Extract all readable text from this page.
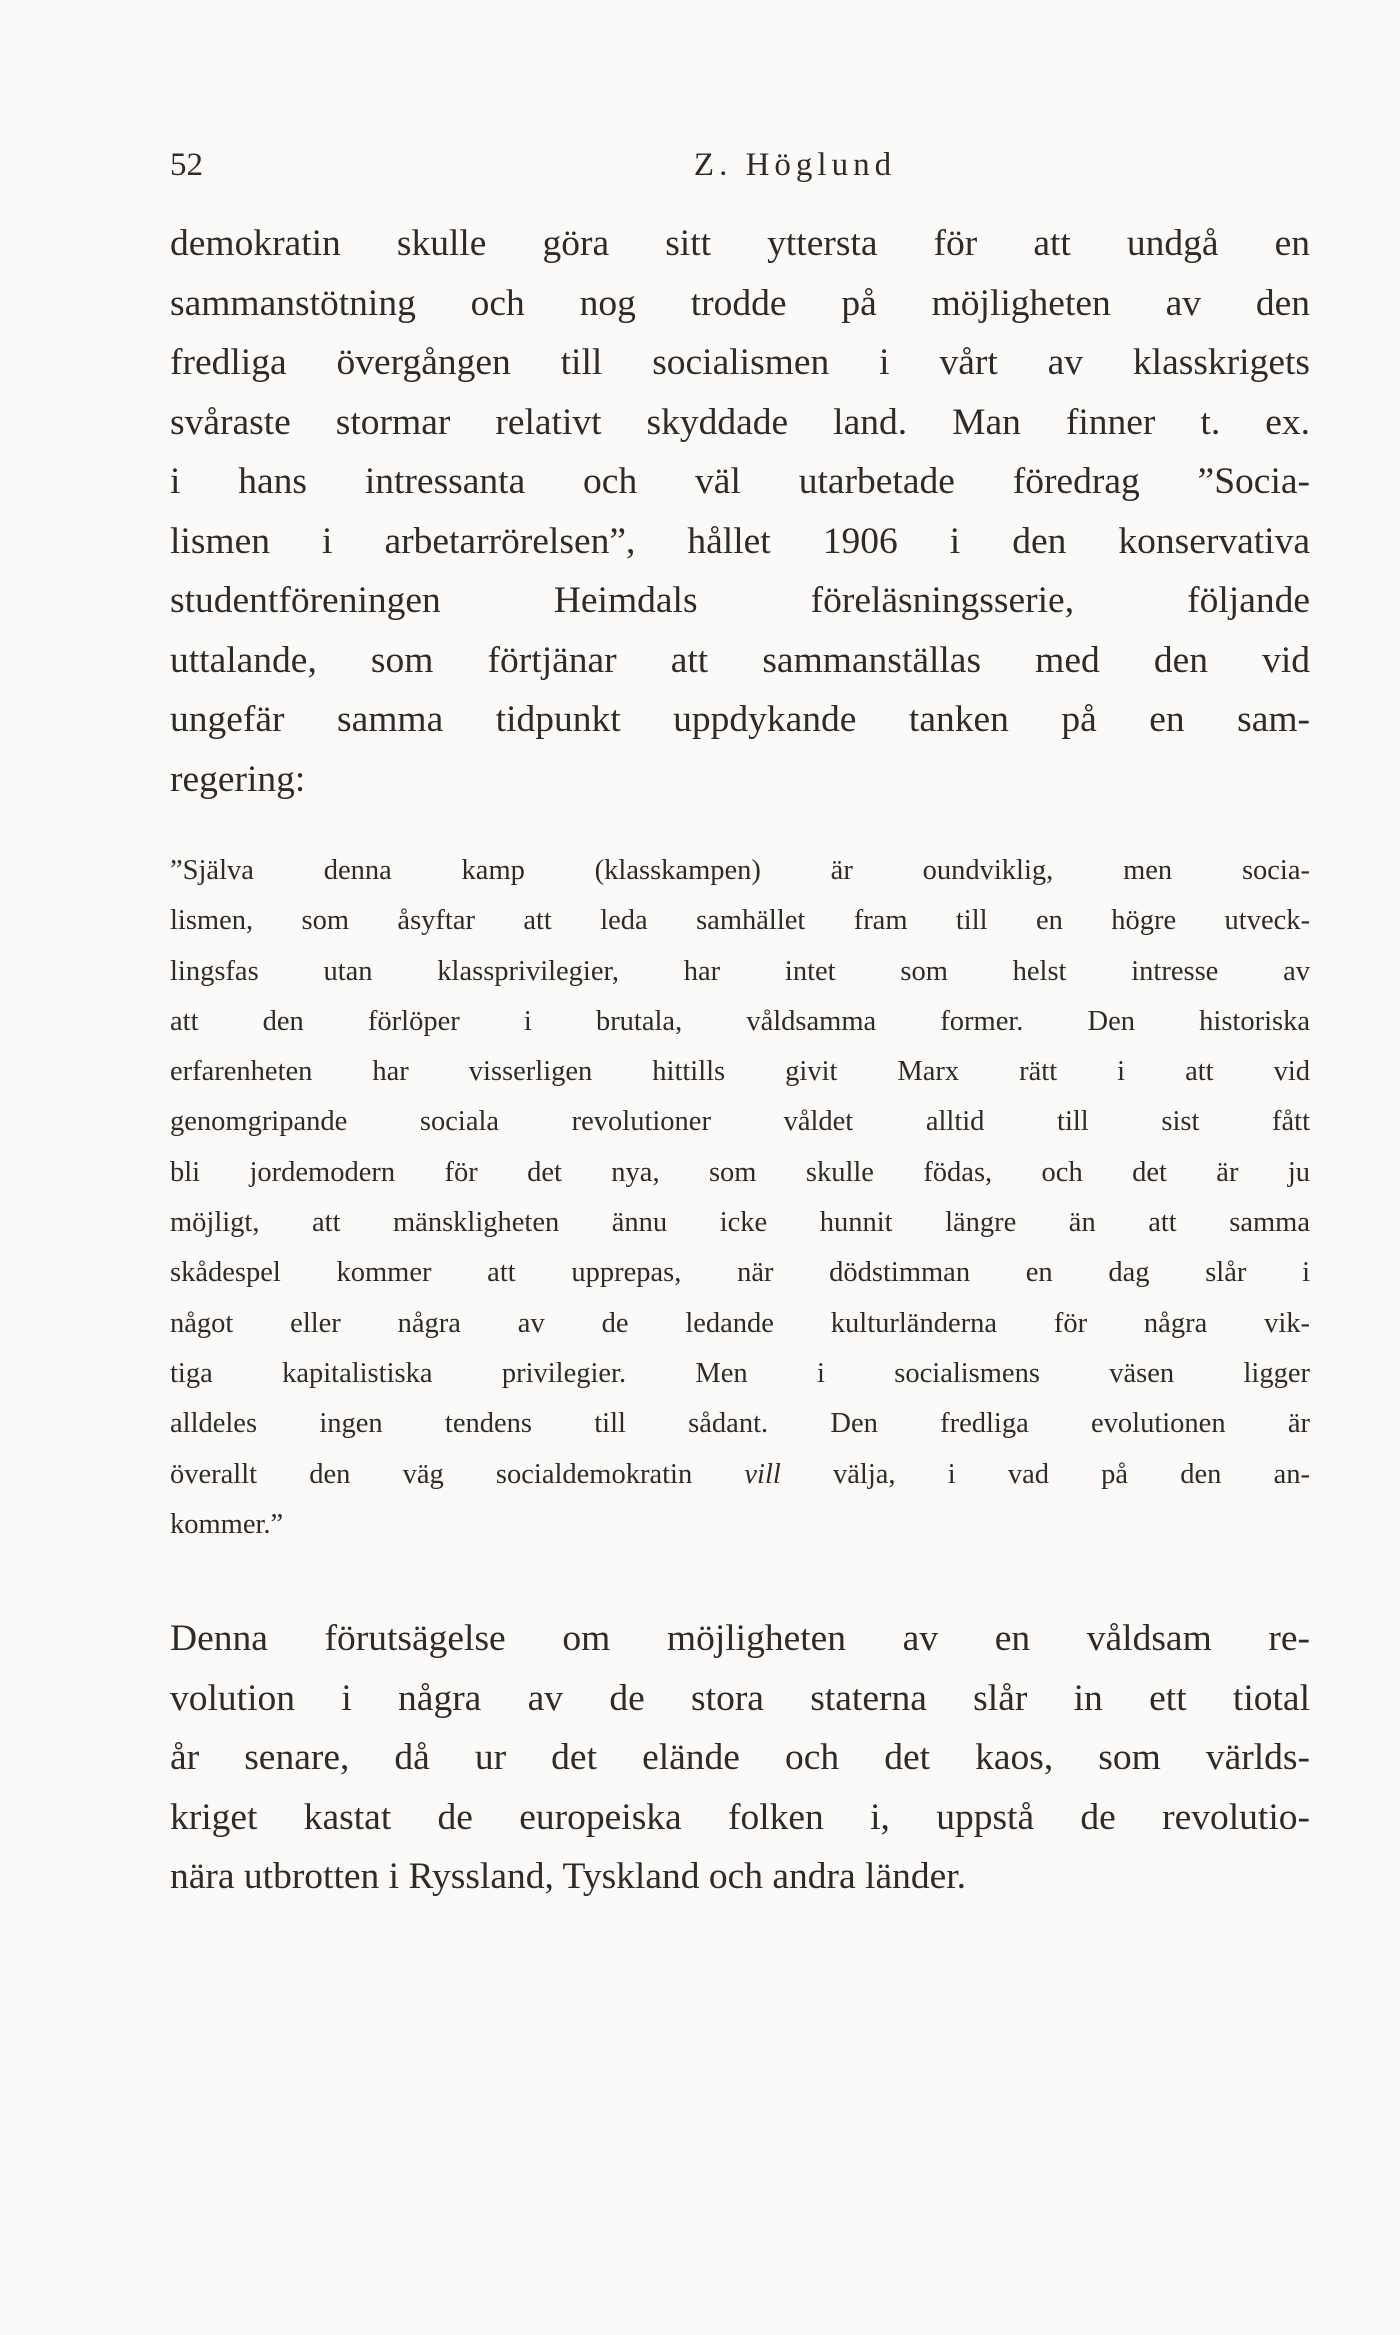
52	Z. Höglund

demokratin skulle göra sitt yttersta för att undgå en
sammanstötning och nog trodde på möjligheten av den
fredliga övergången till socialismen i vårt av klasskrigets
svåraste stormar relativt skyddade land. Man finner t. ex.
i hans intressanta och väl utarbetade föredrag ”Socia-
lismen i arbetarrörelsen”, hållet 1906 i den konservativa
studentföreningen Heimdals föreläsningsserie, följande
uttalande, som förtjänar att sammanställas med den vid
ungefär samma tidpunkt uppdykande tanken på en sam-
regering:

”Själva denna kamp (klasskampen) är oundviklig, men socia-
lismen, som åsyftar att leda samhället fram till en högre utveck-
lingsfas utan klassprivilegier, har intet som helst intresse av
att den förlöper i brutala, våldsamma former. Den historiska
erfarenheten har visserligen hittills givit Marx rätt i att vid
genomgripande sociala revolutioner våldet alltid till sist fått
bli jordemodern för det nya, som skulle födas, och det är ju
möjligt, att mänskligheten ännu icke hunnit längre än att samma
skådespel kommer att upprepas, när dödstimman en dag slår i
något eller några av de ledande kulturländerna för några vik-
tiga kapitalistiska privilegier. Men i socialismens väsen ligger
alldeles ingen tendens till sådant. Den fredliga evolutionen är
överallt den väg socialdemokratin vill välja, i vad på den an-
kommer.”

Denna förutsägelse om möjligheten av en våldsam re-
volution i några av de stora staterna slår in ett tiotal
år senare, då ur det elände och det kaos, som världs-
kriget kastat de europeiska folken i, uppstå de revolutio-
nära utbrotten i Ryssland, Tyskland och andra länder.
